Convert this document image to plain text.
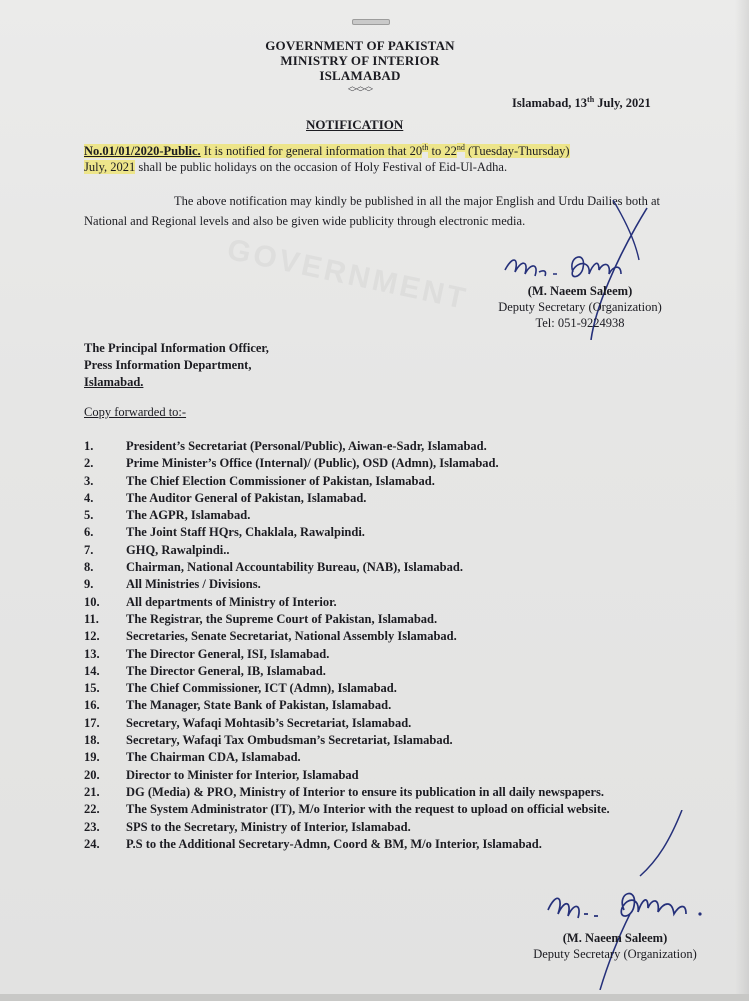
GOVERNMENT OF PAKISTAN
MINISTRY OF INTERIOR
ISLAMABAD
<><><>
Islamabad, 13th July, 2021
NOTIFICATION
No.01/01/2020-Public. It is notified for general information that 20th to 22nd (Tuesday-Thursday)
July, 2021 shall be public holidays on the occasion of Holy Festival of Eid-Ul-Adha.
The above notification may kindly be published in all the major English and Urdu Dailies both at National and Regional levels and also be given wide publicity through electronic media.
GOVERNMENT	(M. Naeem Saleem)
Deputy Secretary (Organization)
Tel: 051-9224938
The Principal Information Officer,
Press Information Department,
Islamabad.
Copy forwarded to:-
1.	President’s Secretariat (Personal/Public), Aiwan-e-Sadr, Islamabad.
2.	Prime Minister’s Office (Internal)/ (Public), OSD (Admn), Islamabad.
3.	The Chief Election Commissioner of Pakistan, Islamabad.
4.	The Auditor General of Pakistan, Islamabad.
5.	The AGPR, Islamabad.
6.	The Joint Staff HQrs, Chaklala, Rawalpindi.
7.	GHQ, Rawalpindi..
8.	Chairman, National Accountability Bureau, (NAB), Islamabad.
9.	All Ministries / Divisions.
10.	All departments of Ministry of Interior.
11.	The Registrar, the Supreme Court of Pakistan, Islamabad.
12.	Secretaries, Senate Secretariat, National Assembly Islamabad.
13.	The Director General, ISI, Islamabad.
14.	The Director General, IB, Islamabad.
15.	The Chief Commissioner, ICT (Admn), Islamabad.
16.	The Manager, State Bank of Pakistan, Islamabad.
17.	Secretary, Wafaqi Mohtasib’s Secretariat, Islamabad.
18.	Secretary, Wafaqi Tax Ombudsman’s Secretariat, Islamabad.
19.	The Chairman CDA, Islamabad.
20.	Director to Minister for Interior, Islamabad
21.	DG (Media) & PRO, Ministry of Interior to ensure its publication in all daily newspapers.
22.	The System Administrator (IT), M/o Interior with the request to upload on official website.
23.	SPS to the Secretary, Ministry of Interior, Islamabad.
24.	P.S to the Additional Secretary-Admn, Coord & BM, M/o Interior, Islamabad.
(M. Naeem Saleem)
Deputy Secretary (Organization)
